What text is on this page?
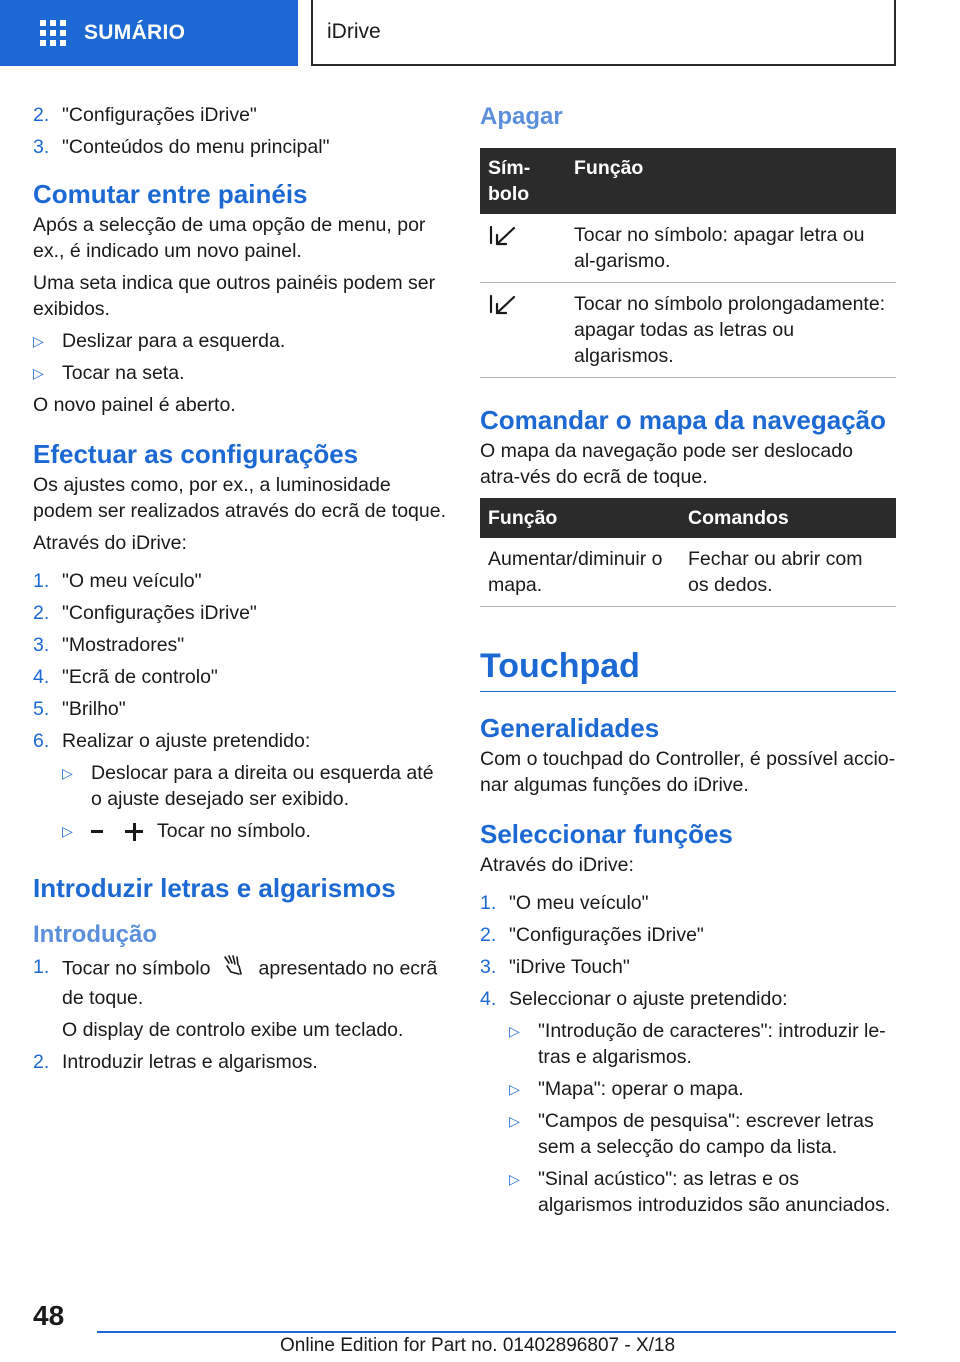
SUMÁRIO	iDrive
2. "Configurações iDrive"
3. "Conteúdos do menu principal"
Comutar entre painéis

Após a selecção de uma opção de menu, por ex., é indicado um novo painel.

Uma seta indica que outros painéis podem ser exibidos.

▷ Deslizar para a esquerda.
▷ Tocar na seta.

O novo painel é aberto.

Efectuar as configurações

Os ajustes como, por ex., a luminosidade podem ser realizados através do ecrã de toque.

Através do iDrive:

1. "O meu veículo"
2. "Configurações iDrive"
3. "Mostradores"
4. "Ecrã de controlo"
5. "Brilho"
6. Realizar o ajuste pretendido:
▷ Deslocar para a direita ou esquerda até o ajuste desejado ser exibido.
▷	Tocar no símbolo.
Introduzir letras e algarismos
Introdução
1. Tocar no símbolo apresentado no ecrã de toque.

O display de controlo exibe um teclado.

2. Introduzir letras e algarismos.
Apagar
Sím-
bolo	Função
	Tocar no símbolo: apagar letra ou al-garismo.
	Tocar no símbolo prolongadamente: apagar todas as letras ou algarismos.
Comandar o mapa da navegação

O mapa da navegação pode ser deslocado atra-vés do ecrã de toque.

Função	Comandos
Aumentar/diminuir o mapa.	Fechar ou abrir com os dedos.
Touchpad
Generalidades

Com o touchpad do Controller, é possível accio-nar algumas funções do iDrive.

Seleccionar funções

Através do iDrive:

1. "O meu veículo"
2. "Configurações iDrive"
3. "iDrive Touch"
4. Seleccionar o ajuste pretendido:
▷ "Introdução de caracteres": introduzir le-tras e algarismos.
▷ "Mapa": operar o mapa.
▷ "Campos de pesquisa": escrever letras sem a selecção do campo da lista.
▷ "Sinal acústico": as letras e os algarismos introduzidos são anunciados.
48
Online Edition for Part no. 01402896807 - X/18
